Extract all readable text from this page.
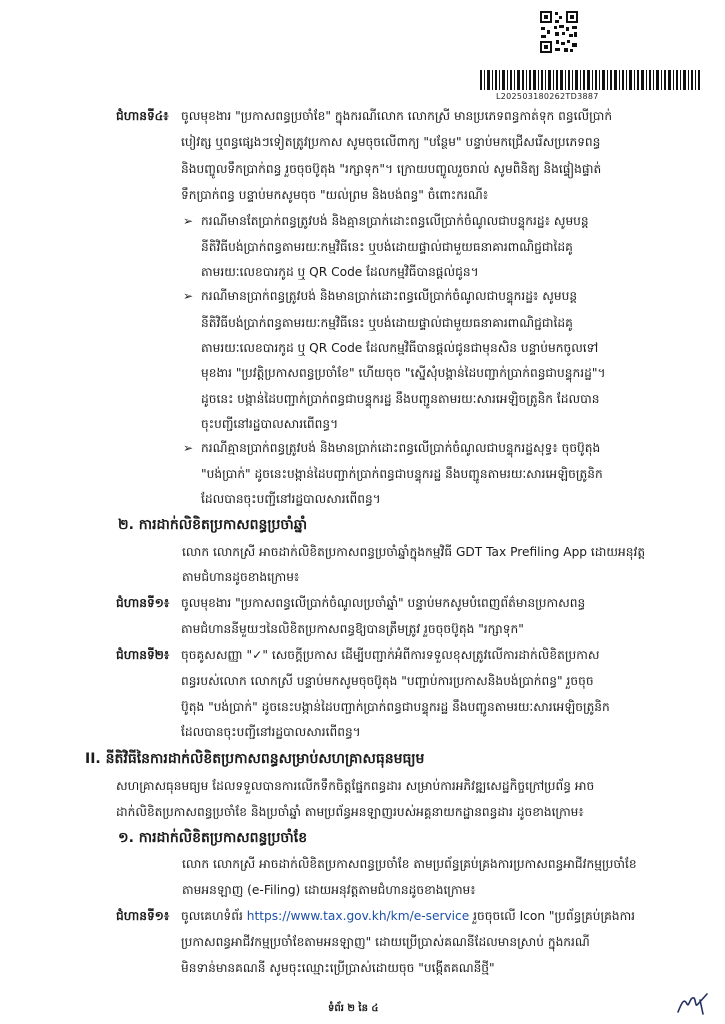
L202503180262TD3887
ជំហានទី៤៖ ចូលមុខងារ "ប្រកាសពន្ធប្រចាំខែ" ក្នុងករណីលោក លោកស្រី មានប្រភេទពន្ធកាត់ទុក ពន្ធលើប្រាក់
បៀវត្ស ឬពន្ធផ្សេងៗទៀតត្រូវប្រកាស សូមចុចលើពាក្យ "បន្ថែម" បន្ទាប់មកជ្រើសរើសប្រភេទពន្ធ
និងបញ្ចូលទឹកប្រាក់ពន្ធ រួចចុចប៊ូតុង "រក្សាទុក"។ ក្រោយបញ្ចូលរួចរាល់ សូមពិនិត្យ និងផ្ទៀងផ្ទាត់
ទឹកប្រាក់ពន្ធ បន្ទាប់មកសូមចុច "យល់ព្រម និងបង់ពន្ធ" ចំពោះករណី៖
➢ ករណីមានតែប្រាក់ពន្ធត្រូវបង់ និងគ្មានប្រាក់ដោះពន្ធលើប្រាក់ចំណូលជាបន្ទុករដ្ឋ៖ សូមបន្ត
នីតិវិធីបង់ប្រាក់ពន្ធតាមរយៈកម្មវិធីនេះ ឬបង់ដោយផ្ទាល់ជាមួយធនាគារពាណិជ្ជជាដៃគូ
តាមរយៈលេខបារកូដ ឬ QR Code ដែលកម្មវិធីបានផ្ដល់ជូន។
➢ ករណីមានប្រាក់ពន្ធត្រូវបង់ និងមានប្រាក់ដោះពន្ធលើប្រាក់ចំណូលជាបន្ទុករដ្ឋ៖ សូមបន្ត
នីតិវិធីបង់ប្រាក់ពន្ធតាមរយៈកម្មវិធីនេះ ឬបង់ដោយផ្ទាល់ជាមួយធនាគារពាណិជ្ជជាដៃគូ
តាមរយៈលេខបារកូដ ឬ QR Code ដែលកម្មវិធីបានផ្ដល់ជូនជាមុនសិន បន្ទាប់មកចូលទៅ
មុខងារ "ប្រវត្តិប្រកាសពន្ធប្រចាំខែ" ហើយចុច "ស្នើសុំបង្កាន់ដៃបញ្ជាក់ប្រាក់ពន្ធជាបន្ទុករដ្ឋ"។
ដូចនេះ បង្កាន់ដៃបញ្ជាក់ប្រាក់ពន្ធជាបន្ទុករដ្ឋ នឹងបញ្ជូនតាមរយៈសារអេឡិចត្រូនិក ដែលបាន
ចុះបញ្ជីនៅរដ្ឋបាលសារពើពន្ធ។
➢ ករណីគ្មានប្រាក់ពន្ធត្រូវបង់ និងមានប្រាក់ដោះពន្ធលើប្រាក់ចំណូលជាបន្ទុករដ្ឋសុទ្ធ៖ ចុចប៊ូតុង
"បង់ប្រាក់" ដូចនេះបង្កាន់ដៃបញ្ជាក់ប្រាក់ពន្ធជាបន្ទុករដ្ឋ នឹងបញ្ជូនតាមរយៈសារអេឡិចត្រូនិក
ដែលបានចុះបញ្ជីនៅរដ្ឋបាលសារពើពន្ធ។
២. ការដាក់លិខិតប្រកាសពន្ធប្រចាំឆ្នាំ
លោក លោកស្រី អាចដាក់លិខិតប្រកាសពន្ធប្រចាំឆ្នាំក្នុងកម្មវិធី GDT Tax Prefiling App ដោយអនុវត្ត
តាមជំហានដូចខាងក្រោម៖
ជំហានទី១៖ ចូលមុខងារ "ប្រកាសពន្ធលើប្រាក់ចំណូលប្រចាំឆ្នាំ" បន្ទាប់មកសូមបំពេញព័ត៌មានប្រកាសពន្ធ
តាមជំហាននីមួយៗនៃលិខិតប្រកាសពន្ធឱ្យបានត្រឹមត្រូវ រួចចុចប៊ូតុង "រក្សាទុក"
ជំហានទី២៖ ចុចគូសសញ្ញា "✓" សេចក្ដីប្រកាស ដើម្បីបញ្ជាក់អំពីការទទួលខុសត្រូវលើការដាក់លិខិតប្រកាស
ពន្ធរបស់លោក លោកស្រី បន្ទាប់មកសូមចុចប៊ូតុង "បញ្ជាប់ការប្រកាសនិងបង់ប្រាក់ពន្ធ" រួចចុច
ប៊ូតុង "បង់ប្រាក់" ដូចនេះបង្កាន់ដៃបញ្ជាក់ប្រាក់ពន្ធជាបន្ទុករដ្ឋ នឹងបញ្ជូនតាមរយៈសារអេឡិចត្រូនិក
ដែលបានចុះបញ្ជីនៅរដ្ឋបាលសារពើពន្ធ។
II. នីតិវិធីនៃការដាក់លិខិតប្រកាសពន្ធសម្រាប់សហគ្រាសធុនមធ្យម
សហគ្រាសធុនមធ្យម ដែលទទួលបានការលើកទឹកចិត្តផ្នែកពន្ធដារ សម្រាប់ការអភិវឌ្ឍសេដ្ឋកិច្ចក្រៅប្រព័ន្ធ អាច
ដាក់លិខិតប្រកាសពន្ធប្រចាំខែ និងប្រចាំឆ្នាំ តាមប្រព័ន្ធអនឡាញរបស់អគ្គនាយកដ្ឋានពន្ធដារ ដូចខាងក្រោម៖
១. ការដាក់លិខិតប្រកាសពន្ធប្រចាំខែ
លោក លោកស្រី អាចដាក់លិខិតប្រកាសពន្ធប្រចាំខែ តាមប្រព័ន្ធគ្រប់គ្រងការប្រកាសពន្ធអាជីវកម្មប្រចាំខែ
តាមអនឡាញ (e-Filing) ដោយអនុវត្តតាមជំហានដូចខាងក្រោម៖
ជំហានទី១៖ ចូលគេហទំព័រ https://www.tax.gov.kh/km/e-service រួចចុចលើ Icon "ប្រព័ន្ធគ្រប់គ្រងការ
ប្រកាសពន្ធអាជីវកម្មប្រចាំខែតាមអនឡាញ" ដោយប្រើប្រាស់គណនីដែលមានស្រាប់ ក្នុងករណី
មិនទាន់មានគណនី សូមចុះឈ្មោះប្រើប្រាស់ដោយចុច "បង្កើតគណនីថ្មី"
ទំព័រ ២ នៃ ៤
